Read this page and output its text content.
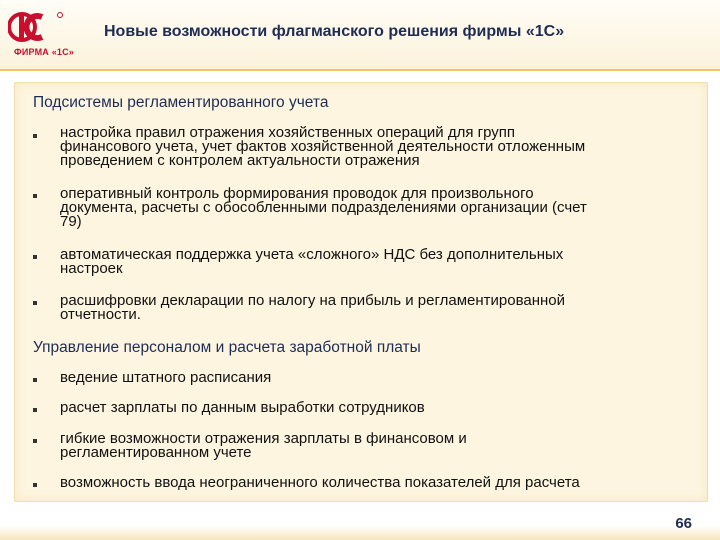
ФИРМА «1С»
Новые возможности флагманского решения фирмы «1С»
Подсистемы регламентированного учета
настройка правил отражения хозяйственных операций для групп
финансового учета, учет фактов хозяйственной деятельности отложенным
проведением с контролем актуальности отражения
оперативный контроль формирования проводок для произвольного
документа, расчеты с обособленными подразделениями организации (счет
79)
автоматическая поддержка учета «сложного» НДС без дополнительных
настроек
расшифровки декларации по налогу на прибыль и регламентированной
отчетности.
Управление персоналом и расчета заработной платы
ведение штатного расписания
расчет зарплаты по данным выработки сотрудников
гибкие возможности отражения зарплаты в финансовом и
регламентированном учете
возможность ввода неограниченного количества показателей для расчета
66
